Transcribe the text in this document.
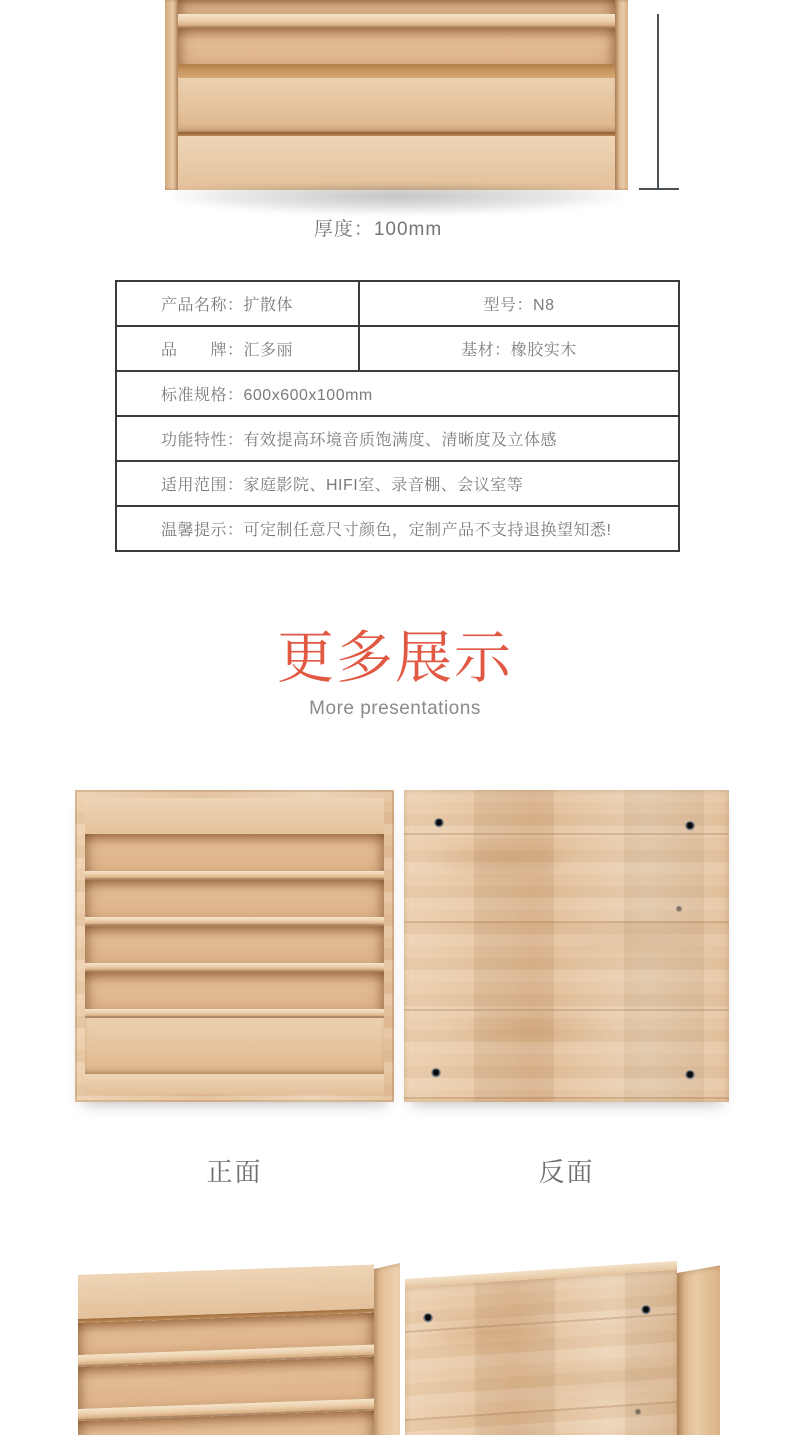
厚度：100mm
产品名称：扩散体	型号：N8
品　　牌：汇多丽	基材：橡胶实木
标准规格：600x600x100mm	
功能特性：有效提高环境音质饱满度、清晰度及立体感	
适用范围：家庭影院、HIFI室、录音棚、会议室等	
温馨提示：可定制任意尺寸颜色，定制产品不支持退换望知悉!	
更多展示
More presentations
正面	反面
